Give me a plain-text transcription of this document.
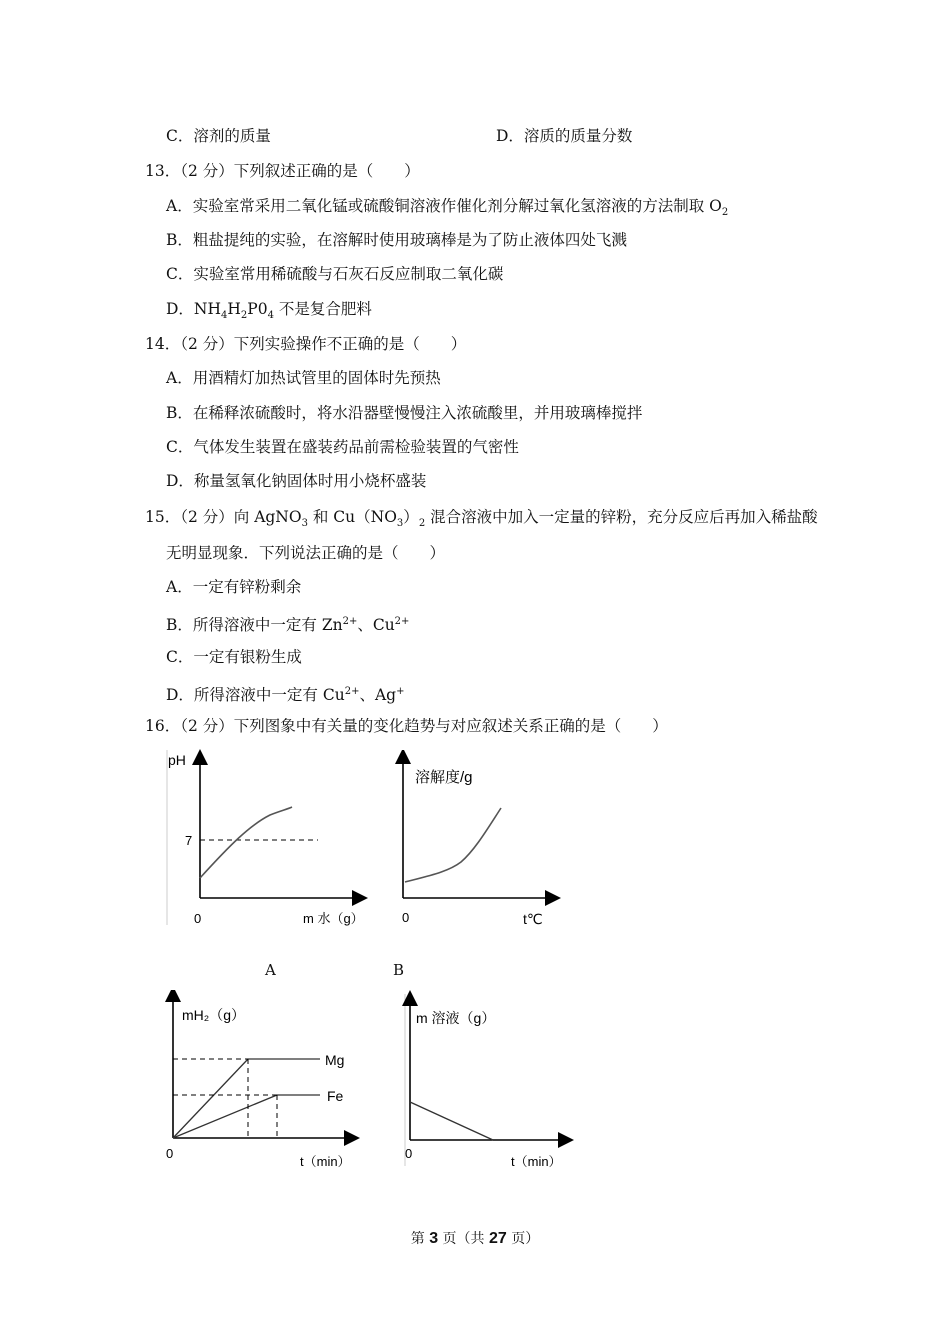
C．溶剂的质量	D．溶质的质量分数
13．（2 分）下列叙述正确的是（　　）
A．实验室常采用二氧化锰或硫酸铜溶液作催化剂分解过氧化氢溶液的方法制取 $O_2$
B．粗盐提纯的实验，在溶解时使用玻璃棒是为了防止液体四处飞溅
C．实验室常用稀硫酸与石灰石反应制取二氧化碳
D．$NH_4H_2P0_4$ 不是复合肥料
14．（2 分）下列实验操作不正确的是（　　）
A．用酒精灯加热试管里的固体时先预热
B．在稀释浓硫酸时，将水沿器壁慢慢注入浓硫酸里，并用玻璃棒搅拌
C．气体发生装置在盛装药品前需检验装置的气密性
D．称量氢氧化钠固体时用小烧杯盛装
15．（2 分）向 AgNO$_3$ 和 $Cu(NO_3)_2$ 混合溶液中加入一定量的锌粉，充分反应后再加入稀盐酸
无明显现象．下列说法正确的是（　　）
A．一定有锌粉剩余
B．所得溶液中一定有 $Zn^{2+}$、$Cu^{2+}$
C．一定有银粉生成
D．所得溶液中一定有 $Cu^{2+}$、Ag+
16．（2 分）下列图象中有关量的变化趋势与对应叙述关系正确的是（　　）
pH
7
0	m 水（g）
溶解度/g
0	t℃
A	B
mH₂（g）
Mg
Fe
0
t（min）
m 溶液（g）
0
t（min）
第 3 页（共 27 页）
